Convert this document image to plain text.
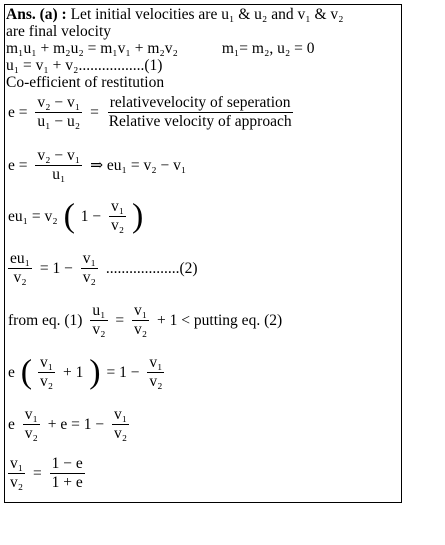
Ans. (a) : Let initial velocities are u₁ & u₂ and v₁ & v₂
are final velocity
m₁u₁ + m₂u₂ = m₁v₁ + m₂v₂	m₁= m₂, u₂ = 0
u₁ = v₁ + v₂.................(1)
Co-efficient of restitution
$e = \frac{\text{v₂ − v₁}}{\text{u₁ − u₂}} = \frac{\text{relativevelocity of seperation}}{\text{Relative velocity of approach}}$
$e = \frac{\text{v₂ − v₁}}{\text{u₁}}$ ⇒ eu₁ = v₂ − v₁
eu₁ = v₂ ( $1 - \frac{\text{v₁}}{\text{v₂}}$ )
$\frac{\text{eu₁}}{\text{v₂}} = 1 - \frac{\text{v₁}}{\text{v₂}} ...................(2)$
from eq. $(1) \frac{\text{u₁}}{\text{v₂}} = \frac{\text{v₁}}{\text{v₂}} + 1$ < putting eq. (2)
e ( $\frac{\text{v₁}}{\text{v₂}} + 1$ ) = $1 - \frac{\text{v₁}}{\text{v₂}}$
e $\frac{\text{v₁}}{\text{v₂}} + e = 1 - \frac{\text{v₁}}{\text{v₂}}$
$\frac{\text{v₁}}{\text{v₂}} = \frac{1 - e}{1 + e}$
